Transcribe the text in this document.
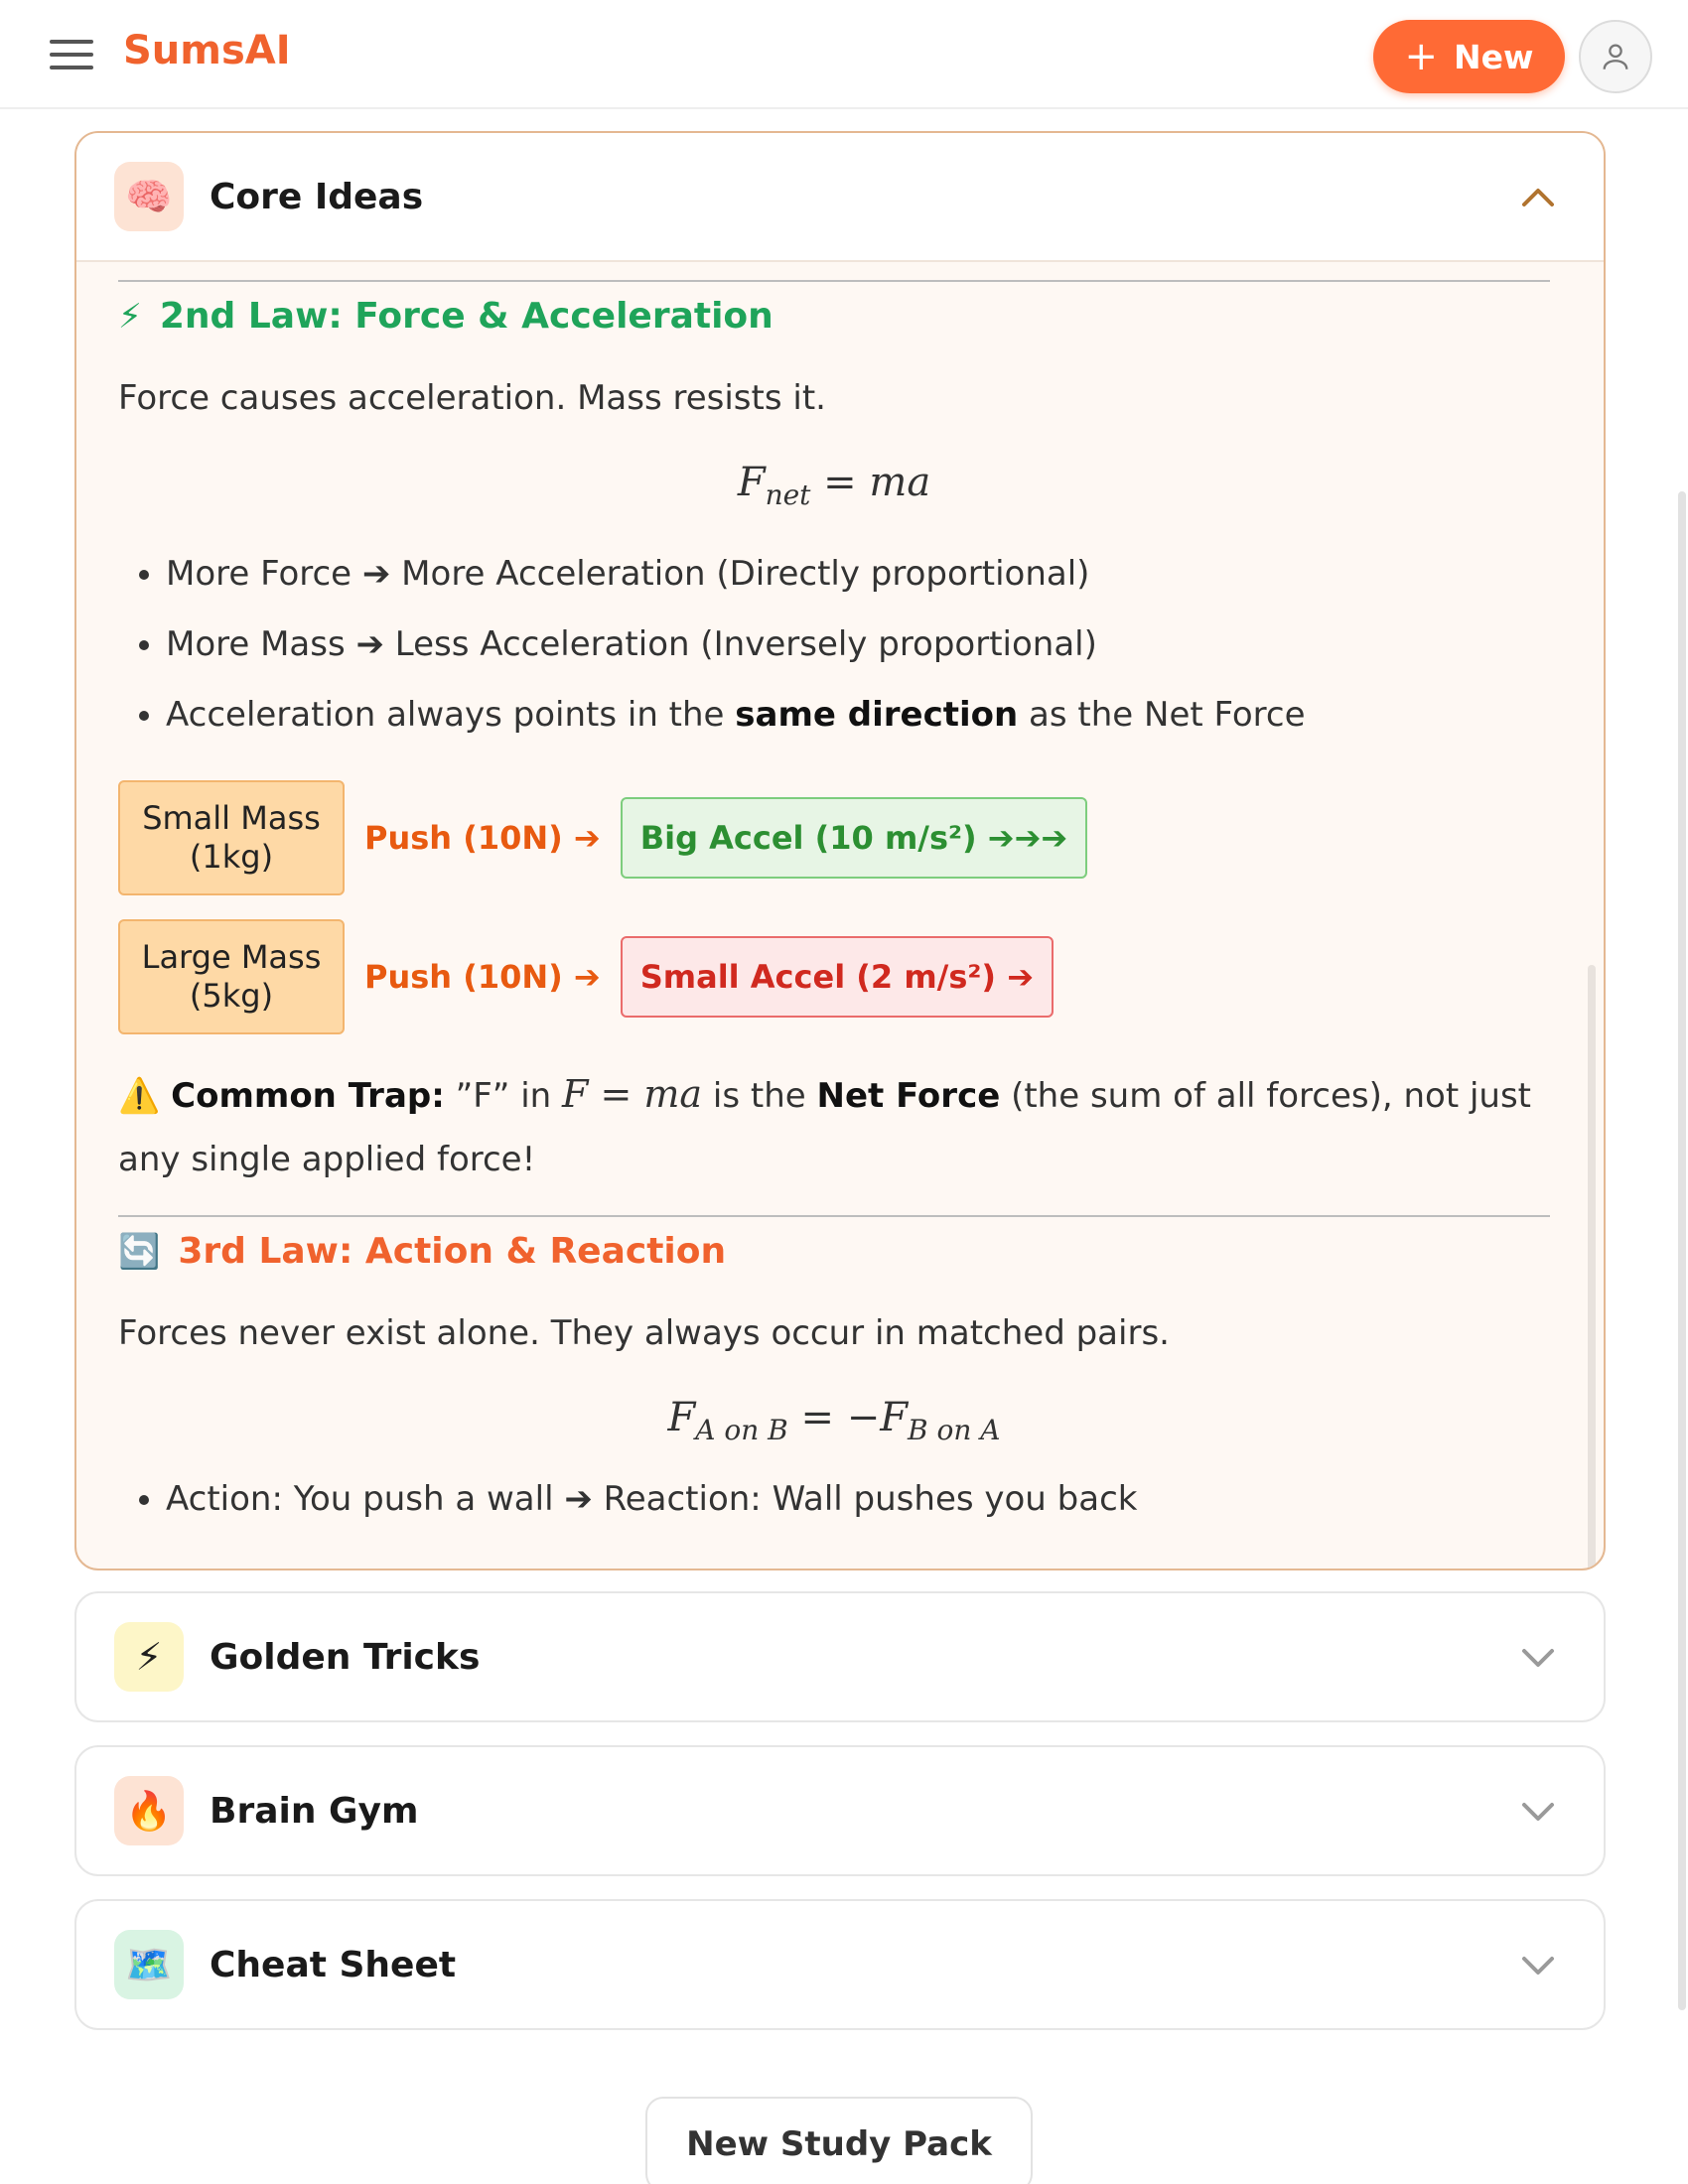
SumsAI	+ New
🧠	Core Ideas
⚡ 2nd Law: Force & Acceleration
Force causes acceleration. Mass resists it.
$F_{net}$ = ma
• More Force ➔ More Acceleration (Directly proportional)
• More Mass ➔ Less Acceleration (Inversely proportional)
• Acceleration always points in the same direction as the Net Force
Small Mass
(1kg)	Push (10N) ➔	Big Accel (10 m/s²) ➔➔➔
Large Mass
(5kg)	Push (10N) ➔	Small Accel (2 m/s²) ➔
⚠️ Common Trap: ”F” in F = ma is the Net Force (the sum of all forces), not just any single applied force!
🔄 3rd Law: Action & Reaction
Forces never exist alone. They always occur in matched pairs.
$F_{A on B} = -F_{B on A}$
• Action: You push a wall ➔ Reaction: Wall pushes you back
⚡	Golden Tricks
🔥	Brain Gym
🗺️	Cheat Sheet
New Study Pack
